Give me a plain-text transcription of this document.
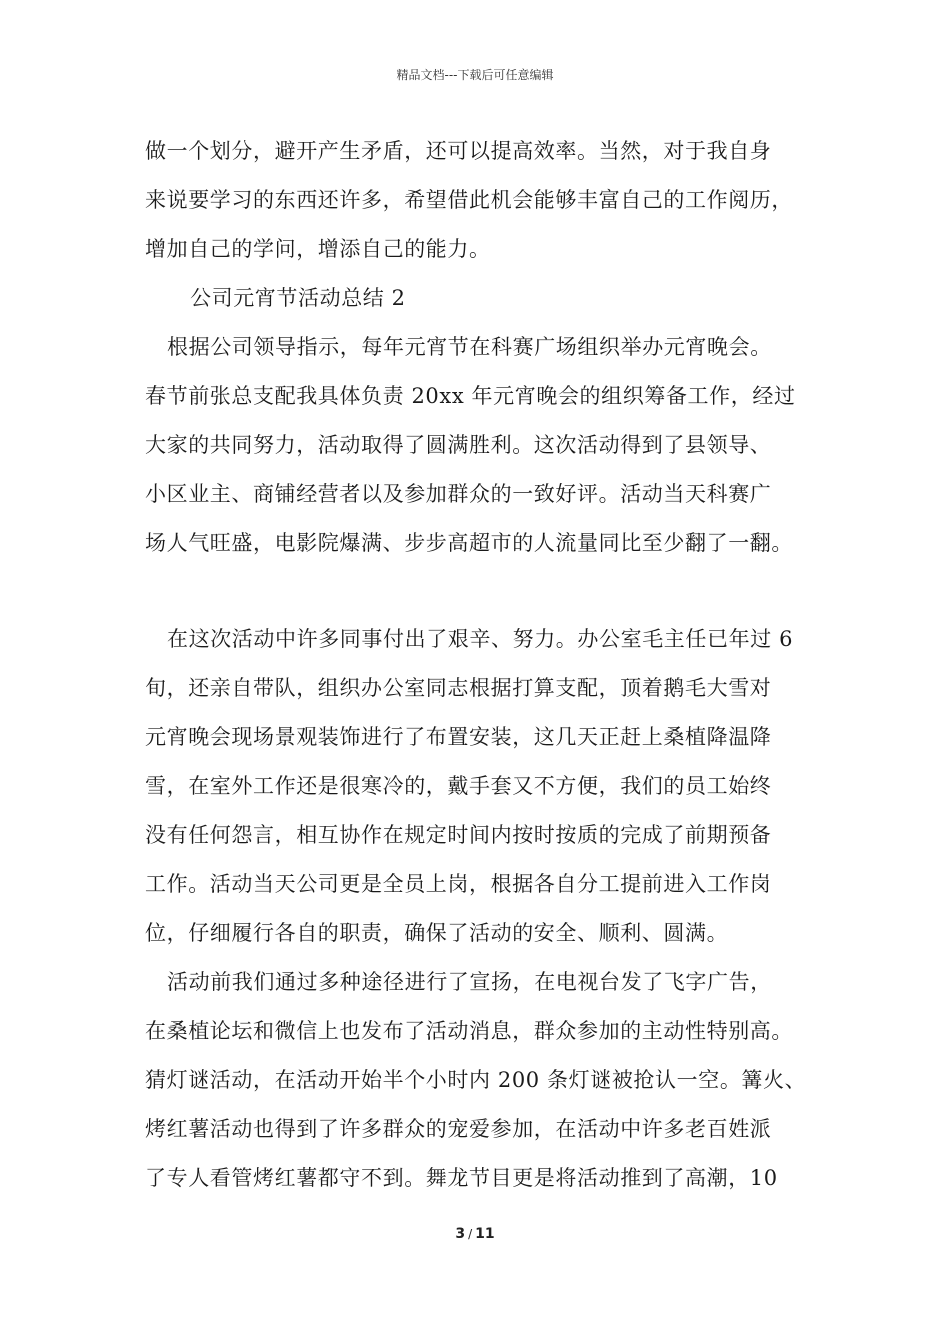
精品文档---下载后可任意编辑
做一个划分，避开产生矛盾，还可以提高效率。当然，对于我自身
来说要学习的东西还许多，希望借此机会能够丰富自己的工作阅历，
增加自己的学问，增添自己的能力。
公司元宵节活动总结 2
根据公司领导指示，每年元宵节在科赛广场组织举办元宵晚会。
春节前张总支配我具体负责 20xx 年元宵晚会的组织筹备工作，经过
大家的共同努力，活动取得了圆满胜利。这次活动得到了县领导、
小区业主、商铺经营者以及参加群众的一致好评。活动当天科赛广
场人气旺盛，电影院爆满、步步高超市的人流量同比至少翻了一翻。
在这次活动中许多同事付出了艰辛、努力。办公室毛主任已年过 6
旬，还亲自带队，组织办公室同志根据打算支配，顶着鹅毛大雪对
元宵晚会现场景观装饰进行了布置安装，这几天正赶上桑植降温降
雪，在室外工作还是很寒冷的，戴手套又不方便，我们的员工始终
没有任何怨言，相互协作在规定时间内按时按质的完成了前期预备
工作。活动当天公司更是全员上岗，根据各自分工提前进入工作岗
位，仔细履行各自的职责，确保了活动的安全、顺利、圆满。
活动前我们通过多种途径进行了宣扬，在电视台发了飞字广告，
在桑植论坛和微信上也发布了活动消息，群众参加的主动性特别高。
猜灯谜活动，在活动开始半个小时内 200 条灯谜被抢认一空。篝火、
烤红薯活动也得到了许多群众的宠爱参加，在活动中许多老百姓派
了专人看管烤红薯都守不到。舞龙节目更是将活动推到了高潮，10
3 / 11
